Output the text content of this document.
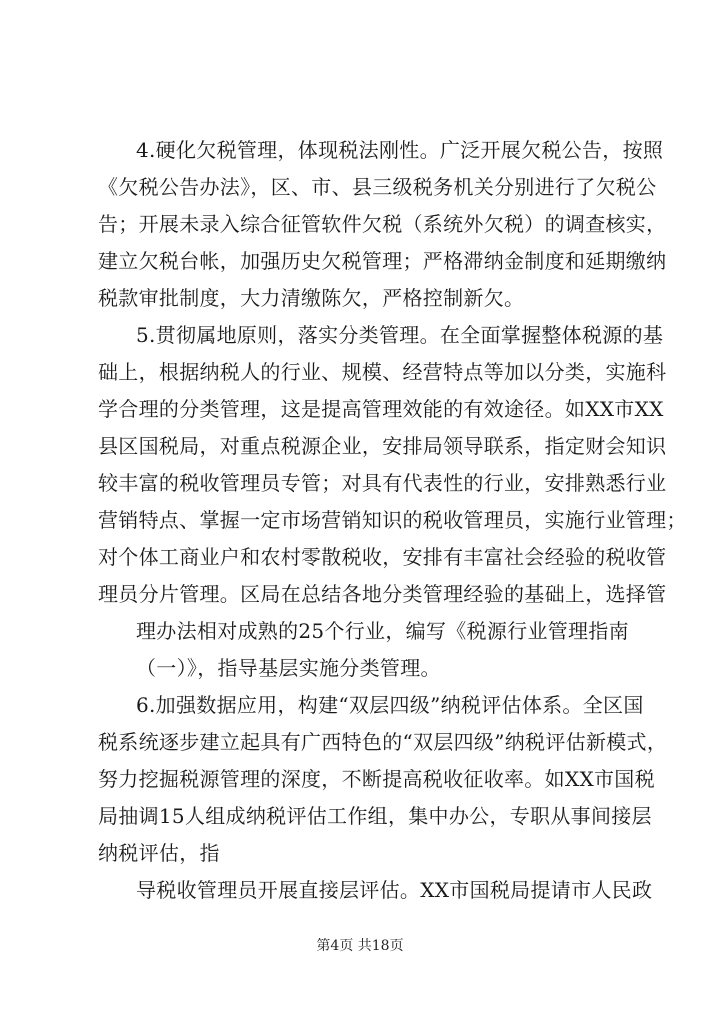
4.硬化欠税管理，体现税法刚性。广泛开展欠税公告，按照
《欠税公告办法》，区、市、县三级税务机关分别进行了欠税公
告；开展未录入综合征管软件欠税（系统外欠税）的调查核实，
建立欠税台帐，加强历史欠税管理；严格滞纳金制度和延期缴纳
税款审批制度，大力清缴陈欠，严格控制新欠。
5.贯彻属地原则，落实分类管理。在全面掌握整体税源的基
础上，根据纳税人的行业、规模、经营特点等加以分类，实施科
学合理的分类管理，这是提高管理效能的有效途径。如XX市XX
县区国税局，对重点税源企业，安排局领导联系，指定财会知识
较丰富的税收管理员专管；对具有代表性的行业，安排熟悉行业
营销特点、掌握一定市场营销知识的税收管理员，实施行业管理；
对个体工商业户和农村零散税收，安排有丰富社会经验的税收管
理员分片管理。区局在总结各地分类管理经验的基础上，选择管
理办法相对成熟的25个行业，编写《税源行业管理指南
（一）》，指导基层实施分类管理。
6.加强数据应用，构建“双层四级”纳税评估体系。全区国
税系统逐步建立起具有广西特色的“双层四级”纳税评估新模式，
努力挖掘税源管理的深度，不断提高税收征收率。如XX市国税
局抽调15人组成纳税评估工作组，集中办公，专职从事间接层
纳税评估，指
导税收管理员开展直接层评估。XX市国税局提请市人民政
第4页 共18页
